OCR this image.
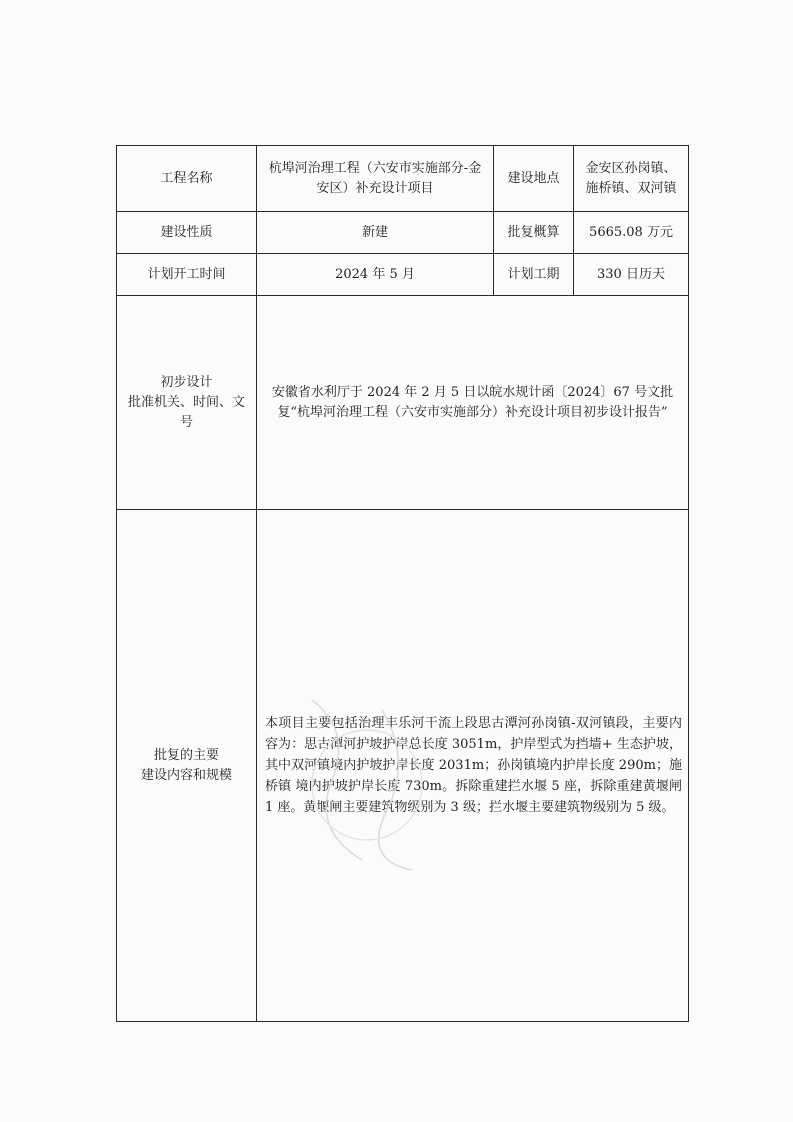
工程名称	杭埠河治理工程（六安市实施部分-金安区）补充设计项目	建设地点	金安区孙岗镇、施桥镇、双河镇
建设性质	新建	批复概算	5665.08 万元
计划开工时间	2024 年 5 月	计划工期	330 日历天

初步设计
批准机关、时间、文号	安徽省水利厅于 2024 年 2 月 5 日以皖水规计函〔2024〕67 号文批复“杭埠河治理工程（六安市实施部分）补充设计项目初步设计报告”		

批复的主要
建设内容和规模	本项目主要包括治理丰乐河干流上段思古潭河孙岗镇-双河镇段，主要内容为：思古潭河护坡护岸总长度 3051m，护岸型式为挡墙+ 生态护坡，其中双河镇境内护坡护岸长度 2031m；孙岗镇境内护岸长度 290m；施桥镇 境内护坡护岸长度 730m。拆除重建拦水堰 5 座，拆除重建黄堰闸 1 座。黄堰闸主要建筑物级别为 3 级；拦水堰主要建筑物级别为 5 级。		
